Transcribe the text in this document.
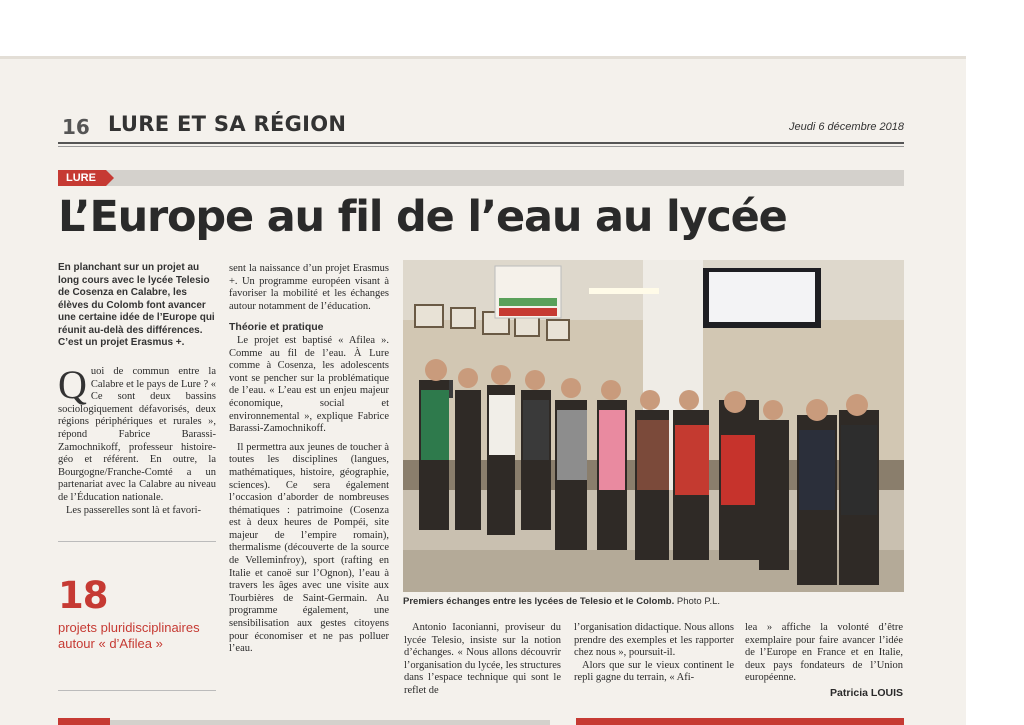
16 LURE ET SA RÉGION	Jeudi 6 décembre 2018
LURE
L’Europe au fil de l’eau au lycée
En planchant sur un projet au long cours avec le lycée Telesio de Cosenza en Calabre, les élèves du Colomb font avancer une certaine idée de l’Europe qui réunit au-delà des différences. C’est un projet Erasmus +.
Q uoi de commun entre la Calabre et le pays de Lure ? « Ce sont deux bassins sociologiquement défavorisés, deux régions périphériques et rurales », répond Fabrice Barassi-Zamochnikoff, professeur histoire-géo et référent. En outre, la Bourgogne/Franche-Comté a un partenariat avec la Calabre au niveau de l’Éducation nationale.

Les passerelles sont là et favori-

18
projets pluridisciplinaires autour « d’Afilea »

sent la naissance d’un projet Erasmus +. Un programme européen visant à favoriser la mobilité et les échanges autour notamment de l’éducation.

Théorie et pratique

Le projet est baptisé « Afilea ». Comme au fil de l’eau. À Lure comme à Cosenza, les adolescents vont se pencher sur la problématique de l’eau. « L’eau est un enjeu majeur économique, social et environnemental », explique Fabrice Barassi-Zamochnikoff.

Il permettra aux jeunes de toucher à toutes les disciplines (langues, mathématiques, histoire, géographie, sciences). Ce sera également l’occasion d’aborder de nombreuses thématiques : patrimoine (Cosenza est à deux heures de Pompéi, site majeur de l’empire romain), thermalisme (découverte de la source de Velleminfroy), sport (rafting en Italie et canoë sur l’Ognon), l’eau à travers les âges avec une visite aux Tourbières de Saint-Germain. Au programme également, une sensibilisation aux gestes citoyens pour économiser et ne pas polluer l’eau.

Premiers échanges entre les lycées de Telesio et le Colomb. Photo P.L.

Antonio Iaconianni, proviseur du lycée Telesio, insiste sur la notion d’échanges. « Nous allons découvrir l’organisation du lycée, les structures dans l’espace technique qui sont le reflet de

l’organisation didactique. Nous allons prendre des exemples et les rapporter chez nous », poursuit-il.

Alors que sur le vieux continent le repli gagne du terrain, « Afi-

lea » affiche la volonté d’être exemplaire pour faire avancer l’idée de l’Europe en France et en Italie, deux pays fondateurs de l’Union européenne.

Patricia LOUIS
